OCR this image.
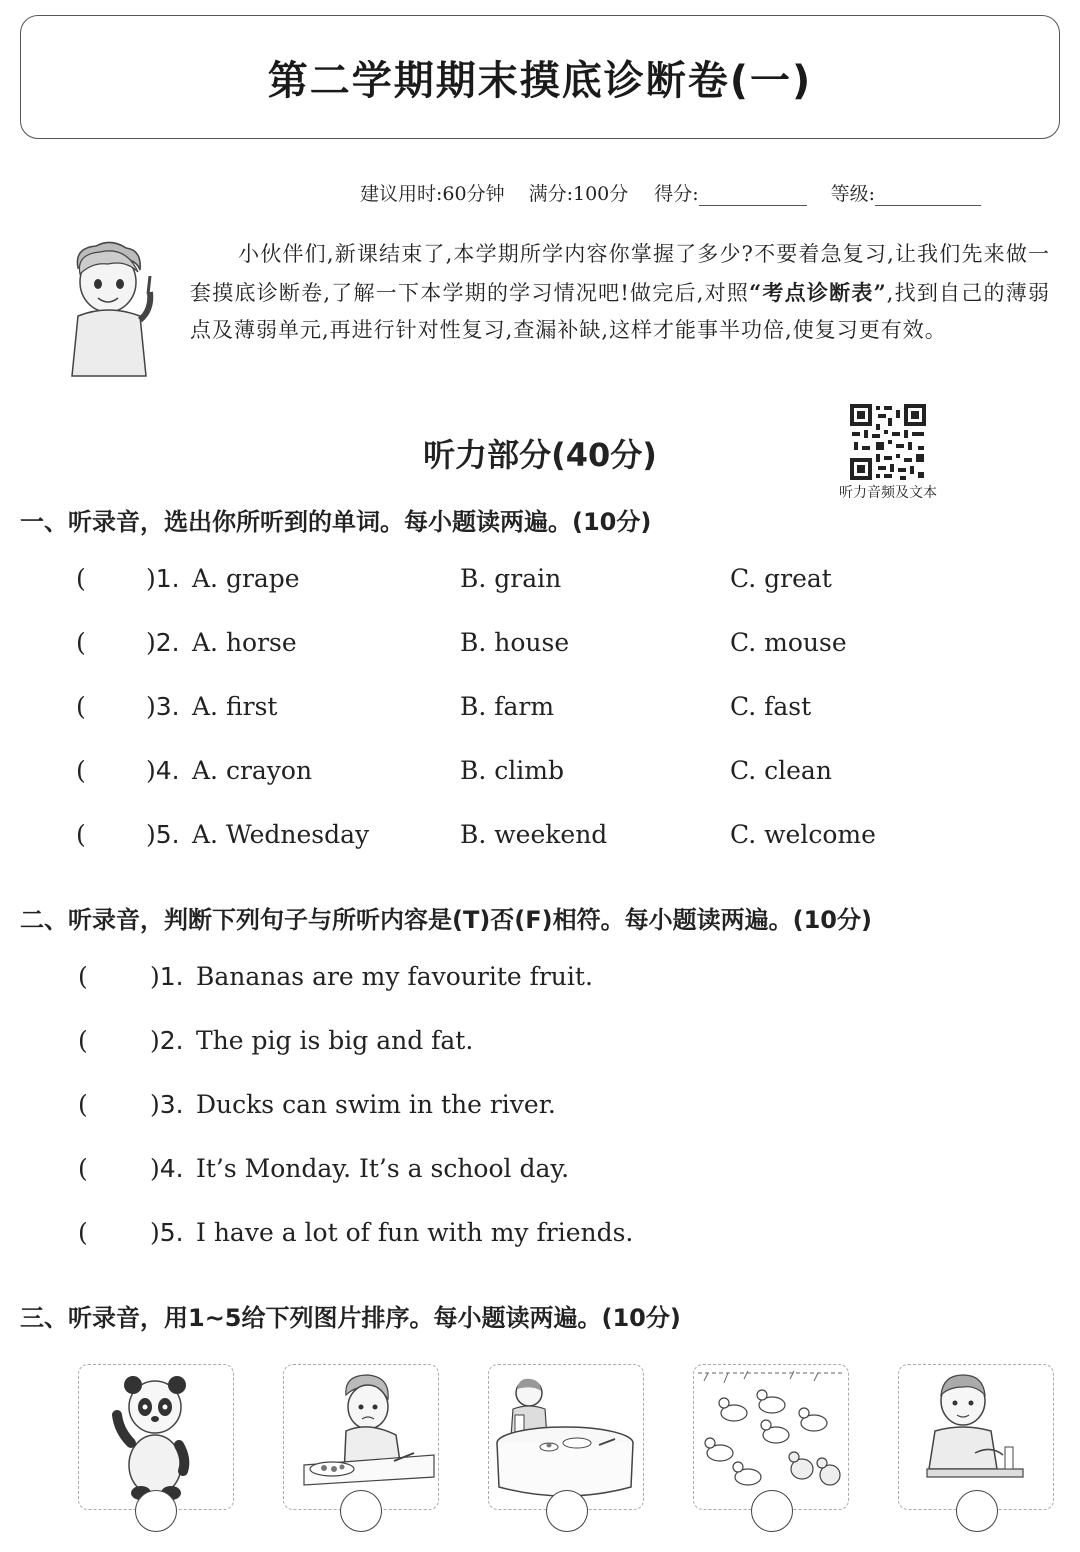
第二学期期末摸底诊断卷(一)
建议用时:60分钟 满分:100分 得分:	等级:
小伙伴们,新课结束了,本学期所学内容你掌握了多少?不要着急复习,让我们先来做一套摸底诊断卷,了解一下本学期的学习情况吧!做完后,对照“考点诊断表”,找到自己的薄弱点及薄弱单元,再进行针对性复习,查漏补缺,这样才能事半功倍,使复习更有效。
听力音频及文本
听力部分(40分)
一、听录音，选出你所听到的单词。每小题读两遍。(10分)
(	) 1. A. grape	B. grain	C. great
(	) 2. A. horse	B. house	C. mouse
(	) 3. A. first	B. farm	C. fast
(	) 4. A. crayon	B. climb	C. clean
(	) 5. A. Wednesday	B. weekend	C. welcome
二、听录音，判断下列句子与所听内容是(T)否(F)相符。每小题读两遍。(10分)
(	) 1. Bananas are my favourite fruit.
(	) 2. The pig is big and fat.
(	) 3. Ducks can swim in the river.
(	) 4. It’s Monday. It’s a school day.
(	) 5. I have a lot of fun with my friends.
三、听录音，用1~5给下列图片排序。每小题读两遍。(10分)
